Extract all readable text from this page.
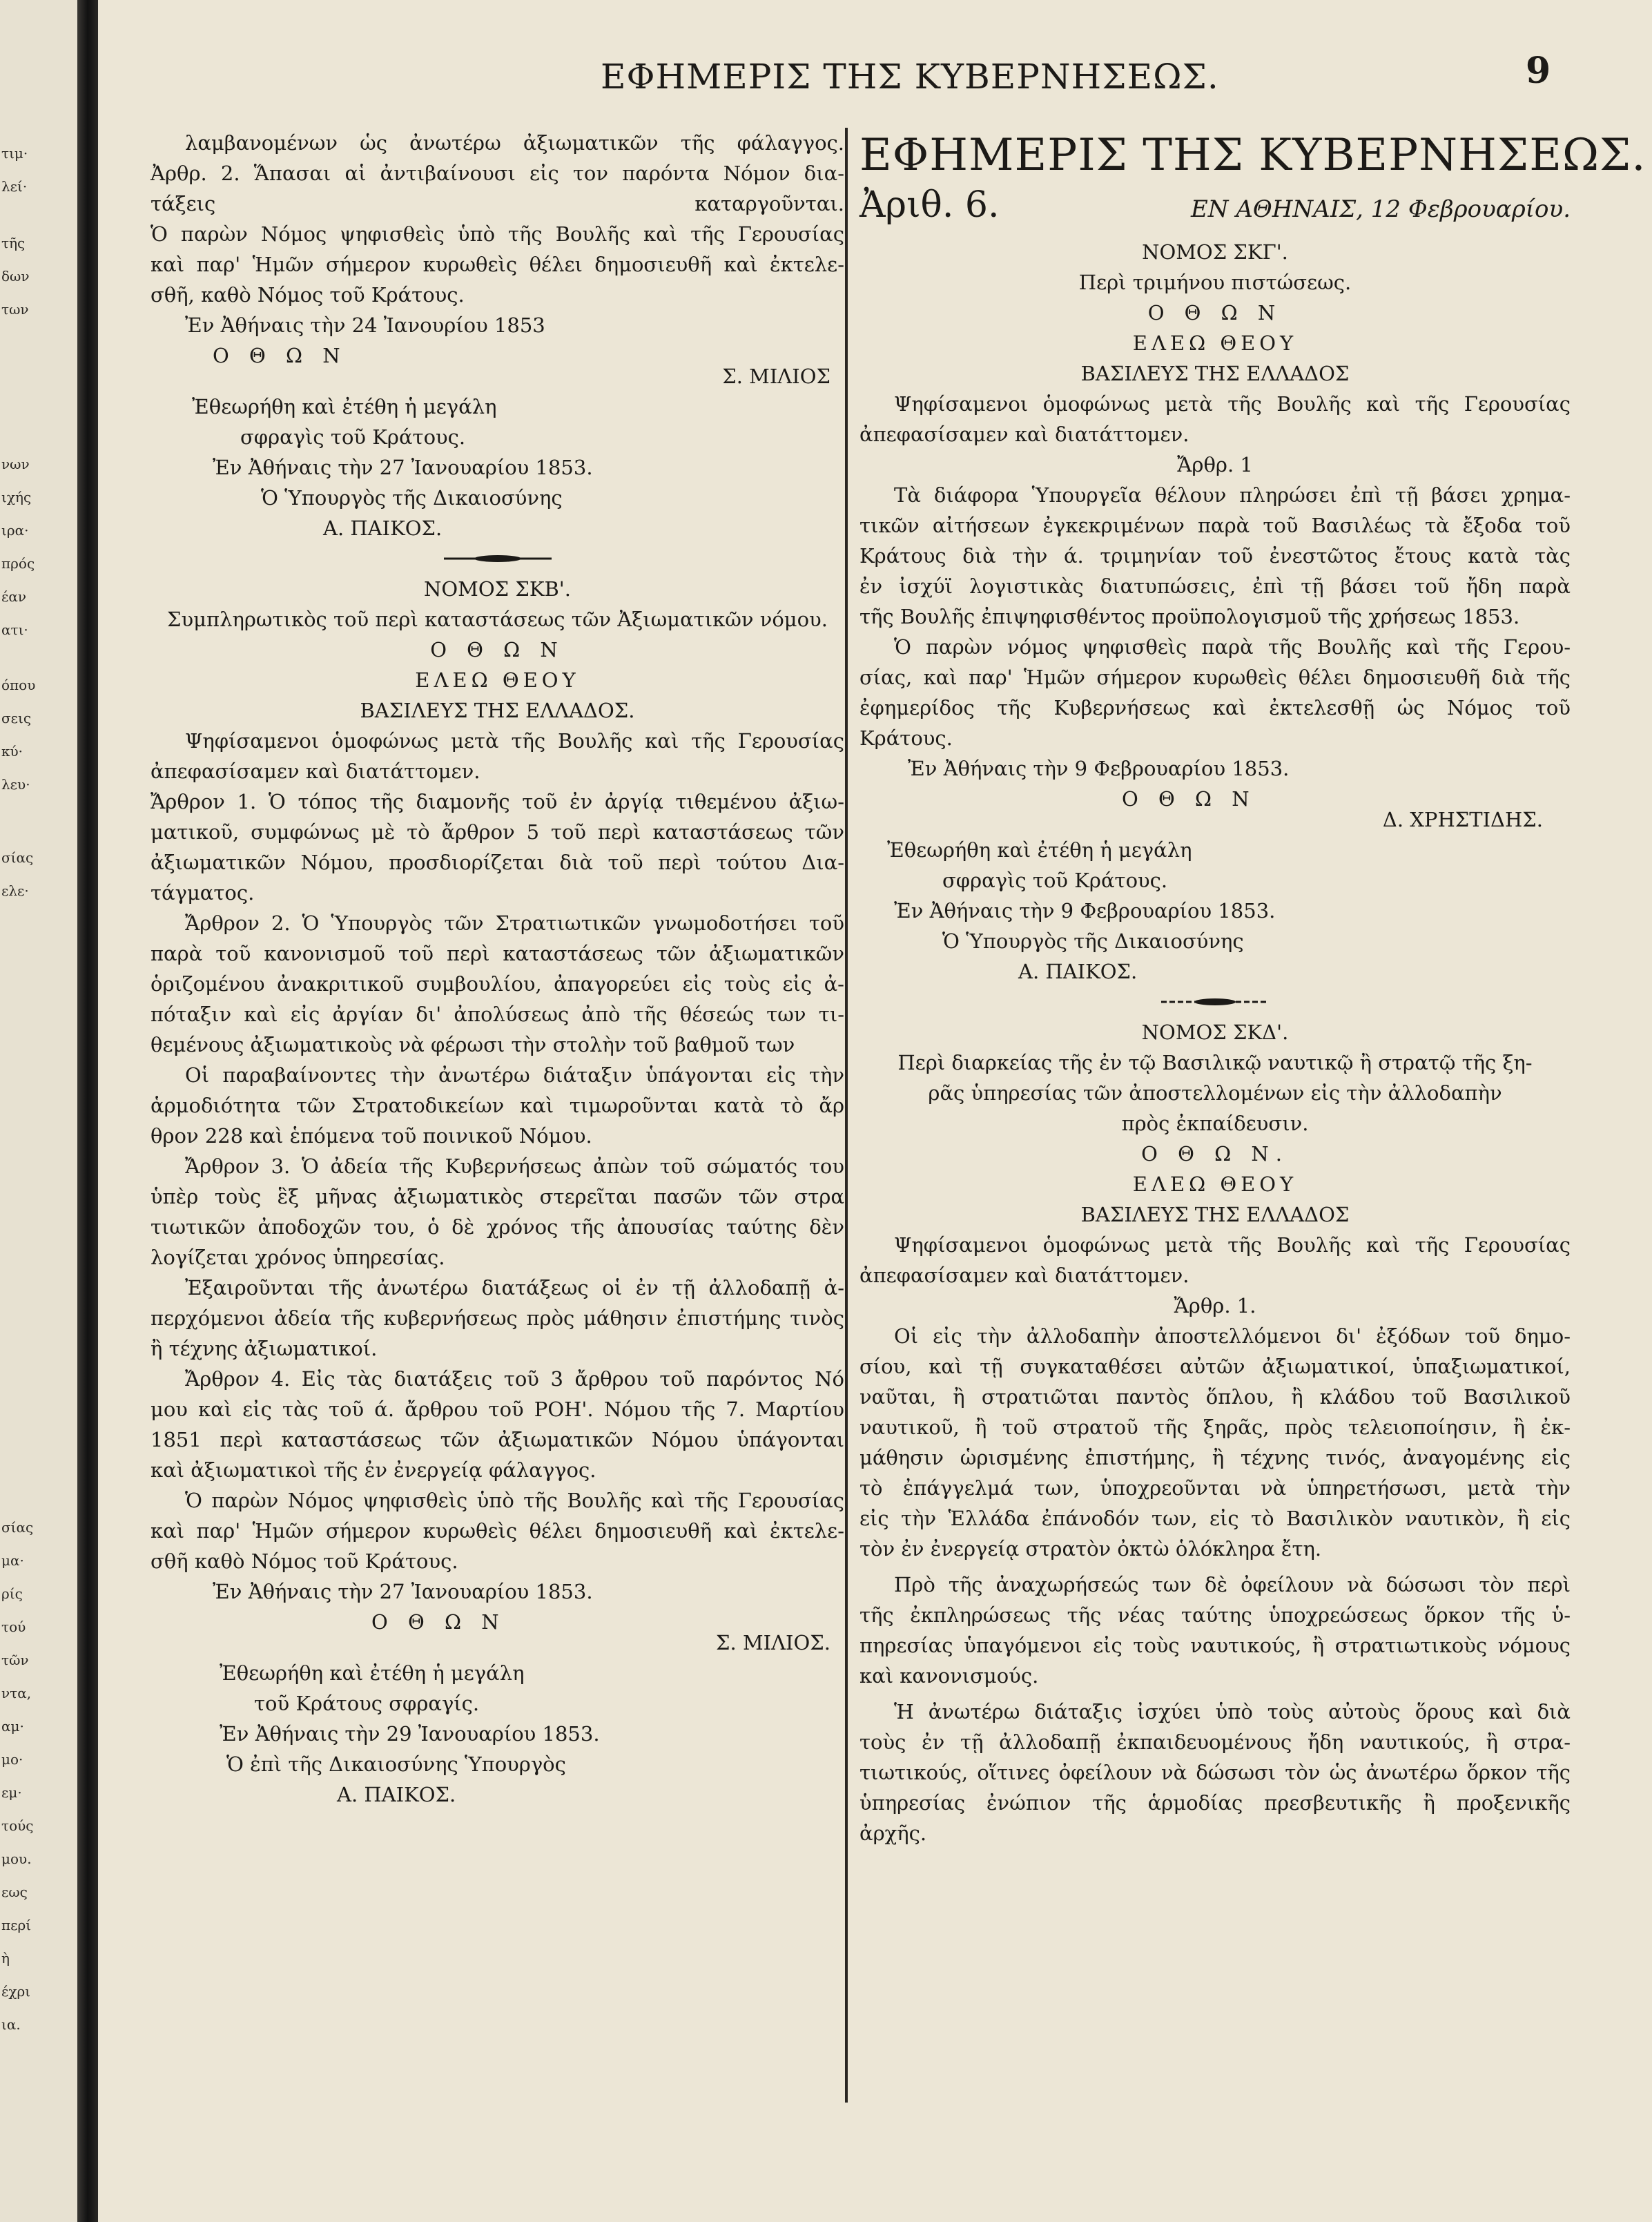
τιμ·
λεί·
τῆς
δων
των
νων
ιχής
ιρα·
πρός
έαν
ατι·
όπου
σεις
κύ·
λευ·
σίας
ελε·
σίας
μα·
ρίς
τού
τῶν
ντα,
αμ·
μο·
εμ·
τούς
μου.
εως
περί
ὴ
έχρι
ια.
ΕΦΗΜΕΡΙΣ ΤΗΣ ΚΥΒΕΡΝΗΣΕΩΣ.	9

λαμβανομένων ὡς ἀνωτέρω ἀξιωματικῶν τῆς φάλαγγος.

Ἀρθρ. 2. Ἅπασαι αἱ ἀντιβαίνουσι εἰς τον παρόντα Νόμον δια-

τάξεις καταργοῦνται.

Ὁ παρὼν Νόμος ψηφισθεὶς ὑπὸ τῆς Βουλῆς καὶ τῆς Γερουσίας

καὶ παρ' Ἡμῶν σήμερον κυρωθεὶς θέλει δημοσιευθῆ καὶ ἐκτελε-

σθῆ, καθὸ Νόμος τοῦ Κράτους.

Ἐν Ἀθήναις τὴν 24 Ἰανουρίου 1853

Ο Θ Ω Ν
Σ. ΜΙΛΙΟΣ

Ἐθεωρήθη καὶ ἐτέθη ἡ μεγάλη

σφραγὶς τοῦ Κράτους.

Ἐν Ἀθήναις τὴν 27 Ἰανουαρίου 1853.

Ὁ Ὑπουργὸς τῆς Δικαιοσύνης

Α. ΠΑΙΚΟΣ.

ΝΟΜΟΣ ΣΚΒ'.

Συμπληρωτικὸς τοῦ περὶ καταστάσεως τῶν Ἀξιωματικῶν νόμου.

Ο Θ Ω Ν

ΕΛΕΩ ΘΕΟΥ

ΒΑΣΙΛΕΥΣ ΤΗΣ ΕΛΛΑΔΟΣ.

Ψηφίσαμενοι ὁμοφώνως μετὰ τῆς Βουλῆς καὶ τῆς Γερουσίας

ἀπεφασίσαμεν καὶ διατάττομεν.

Ἄρθρον 1. Ὁ τόπος τῆς διαμονῆς τοῦ ἐν ἀργίᾳ τιθεμένου ἀξιω-

ματικοῦ, συμφώνως μὲ τὸ ἄρθρον 5 τοῦ περὶ καταστάσεως τῶν

ἀξιωματικῶν Νόμου, προσδιορίζεται διὰ τοῦ περὶ τούτου Δια-

τάγματος.

Ἄρθρον 2. Ὁ Ὑπουργὸς τῶν Στρατιωτικῶν γνωμοδοτήσει τοῦ

παρὰ τοῦ κανονισμοῦ τοῦ περὶ καταστάσεως τῶν ἀξιωματικῶν

ὁριζομένου ἀνακριτικοῦ συμβουλίου, ἀπαγορεύει εἰς τοὺς εἰς ἀ-

πόταξιν καὶ εἰς ἀργίαν δι' ἀπολύσεως ἀπὸ τῆς θέσεώς των τι-

θεμένους ἀξιωματικοὺς νὰ φέρωσι τὴν στολὴν τοῦ βαθμοῦ των

Οἱ παραβαίνοντες τὴν ἀνωτέρω διάταξιν ὑπάγονται εἰς τὴν

ἁρμοδιότητα τῶν Στρατοδικείων καὶ τιμωροῦνται κατὰ τὸ ἄρ

θρον 228 καὶ ἑπόμενα τοῦ ποινικοῦ Νόμου.

Ἄρθρον 3. Ὁ ἀδεία τῆς Κυβερνήσεως ἀπὼν τοῦ σώματός του

ὑπὲρ τοὺς ἓξ μῆνας ἀξιωματικὸς στερεῖται πασῶν τῶν στρα

τιωτικῶν ἀποδοχῶν του, ὁ δὲ χρόνος τῆς ἀπουσίας ταύτης δὲν

λογίζεται χρόνος ὑπηρεσίας.

Ἐξαιροῦνται τῆς ἀνωτέρω διατάξεως οἱ ἐν τῇ ἀλλοδαπῇ ἀ-

περχόμενοι ἀδεία τῆς κυβερνήσεως πρὸς μάθησιν ἐπιστήμης τινὸς

ἢ τέχνης ἀξιωματικοί.

Ἄρθρον 4. Εἰς τὰς διατάξεις τοῦ 3 ἄρθρου τοῦ παρόντος Νό

μου καὶ εἰς τὰς τοῦ ά. ἄρθρου τοῦ ΡΟΗ'. Νόμου τῆς 7. Μαρτίου

1851 περὶ καταστάσεως τῶν ἀξιωματικῶν Νόμου ὑπάγονται

καὶ ἀξιωματικοὶ τῆς ἐν ἐνεργείᾳ φάλαγγος.

Ὁ παρὼν Νόμος ψηφισθεὶς ὑπὸ τῆς Βουλῆς καὶ τῆς Γερουσίας

καὶ παρ' Ἡμῶν σήμερον κυρωθεὶς θέλει δημοσιευθῆ καὶ ἐκτελε-

σθῆ καθὸ Νόμος τοῦ Κράτους.

Ἐν Ἀθήναις τὴν 27 Ἰανουαρίου 1853.

Ο Θ Ω Ν
Σ. ΜΙΛΙΟΣ.

Ἐθεωρήθη καὶ ἐτέθη ἡ μεγάλη

τοῦ Κράτους σφραγίς.

Ἐν Ἀθήναις τὴν 29 Ἰανουαρίου 1853.

Ὁ ἐπὶ τῆς Δικαιοσύνης Ὑπουργὸς

Α. ΠΑΙΚΟΣ.

ΕΦΗΜΕΡΙΣ ΤΗΣ ΚΥΒΕΡΝΗΣΕΩΣ.
Ἀριθ. 6.	ΕΝ ΑΘΗΝΑΙΣ, 12 Φεβρουαρίου.

ΝΟΜΟΣ ΣΚΓ'.

Περὶ τριμήνου πιστώσεως.

Ο Θ Ω Ν

ΕΛΕΩ ΘΕΟΥ

ΒΑΣΙΛΕΥΣ ΤΗΣ ΕΛΛΑΔΟΣ

Ψηφίσαμενοι ὁμοφώνως μετὰ τῆς Βουλῆς καὶ τῆς Γερουσίας

ἀπεφασίσαμεν καὶ διατάττομεν.

Ἄρθρ. 1

Τὰ διάφορα Ὑπουργεῖα θέλουν πληρώσει ἐπὶ τῇ βάσει χρημα-

τικῶν αἰτήσεων ἐγκεκριμένων παρὰ τοῦ Βασιλέως τὰ ἔξοδα τοῦ

Κράτους διὰ τὴν ά. τριμηνίαν τοῦ ἐνεστῶτος ἔτους κατὰ τὰς

ἐν ἰσχύϊ λογιστικὰς διατυπώσεις, ἐπὶ τῇ βάσει τοῦ ἤδη παρὰ

τῆς Βουλῆς ἐπιψηφισθέντος προϋπολογισμοῦ τῆς χρήσεως 1853.

Ὁ παρὼν νόμος ψηφισθεὶς παρὰ τῆς Βουλῆς καὶ τῆς Γερου-

σίας, καὶ παρ' Ἡμῶν σήμερον κυρωθεὶς θέλει δημοσιευθῆ διὰ τῆς

ἐφημερίδος τῆς Κυβερνήσεως καὶ ἐκτελεσθῇ ὡς Νόμος τοῦ

Κράτους.

Ἐν Ἀθήναις τὴν 9 Φεβρουαρίου 1853.

Ο Θ Ω Ν
Δ. ΧΡΗΣΤΙΔΗΣ.

Ἐθεωρήθη καὶ ἐτέθη ἡ μεγάλη

σφραγὶς τοῦ Κράτους.

Ἐν Ἀθήναις τὴν 9 Φεβρουαρίου 1853.

Ὁ Ὑπουργὸς τῆς Δικαιοσύνης

Α. ΠΑΙΚΟΣ.

ΝΟΜΟΣ ΣΚΔ'.

Περὶ διαρκείας τῆς ἐν τῷ Βασιλικῷ ναυτικῷ ἢ στρατῷ τῆς ξη-

ρᾶς ὑπηρεσίας τῶν ἀποστελλομένων εἰς τὴν ἀλλοδαπὴν

πρὸς ἐκπαίδευσιν.

Ο Θ Ω Ν.

ΕΛΕΩ ΘΕΟΥ

ΒΑΣΙΛΕΥΣ ΤΗΣ ΕΛΛΑΔΟΣ

Ψηφίσαμενοι ὁμοφώνως μετὰ τῆς Βουλῆς καὶ τῆς Γερουσίας

ἀπεφασίσαμεν καὶ διατάττομεν.

Ἄρθρ. 1.

Οἱ εἰς τὴν ἀλλοδαπὴν ἀποστελλόμενοι δι' ἐξόδων τοῦ δημο-

σίου, καὶ τῇ συγκαταθέσει αὐτῶν ἀξιωματικοί, ὑπαξιωματικοί,

ναῦται, ἢ στρατιῶται παντὸς ὅπλου, ἢ κλάδου τοῦ Βασιλικοῦ

ναυτικοῦ, ἢ τοῦ στρατοῦ τῆς ξηρᾶς, πρὸς τελειοποίησιν, ἢ ἐκ-

μάθησιν ὡρισμένης ἐπιστήμης, ἢ τέχνης τινός, ἀναγομένης εἰς

τὸ ἐπάγγελμά των, ὑποχρεοῦνται νὰ ὑπηρετήσωσι, μετὰ τὴν

εἰς τὴν Ἑλλάδα ἐπάνοδόν των, εἰς τὸ Βασιλικὸν ναυτικὸν, ἢ εἰς

τὸν ἐν ἐνεργείᾳ στρατὸν ὀκτὼ ὁλόκληρα ἔτη.

Πρὸ τῆς ἀναχωρήσεώς των δὲ ὀφείλουν νὰ δώσωσι τὸν περὶ

τῆς ἐκπληρώσεως τῆς νέας ταύτης ὑποχρεώσεως ὅρκον τῆς ὑ-

πηρεσίας ὑπαγόμενοι εἰς τοὺς ναυτικούς, ἢ στρατιωτικοὺς νόμους

καὶ κανονισμούς.

Ἡ ἀνωτέρω διάταξις ἰσχύει ὑπὸ τοὺς αὐτοὺς ὅρους καὶ διὰ

τοὺς ἐν τῇ ἀλλοδαπῇ ἐκπαιδευομένους ἤδη ναυτικούς, ἢ στρα-

τιωτικούς, οἵτινες ὀφείλουν νὰ δώσωσι τὸν ὡς ἀνωτέρω ὅρκον τῆς

ὑπηρεσίας ἐνώπιον τῆς ἁρμοδίας πρεσβευτικῆς ἢ προξενικῆς

ἀρχῆς.
